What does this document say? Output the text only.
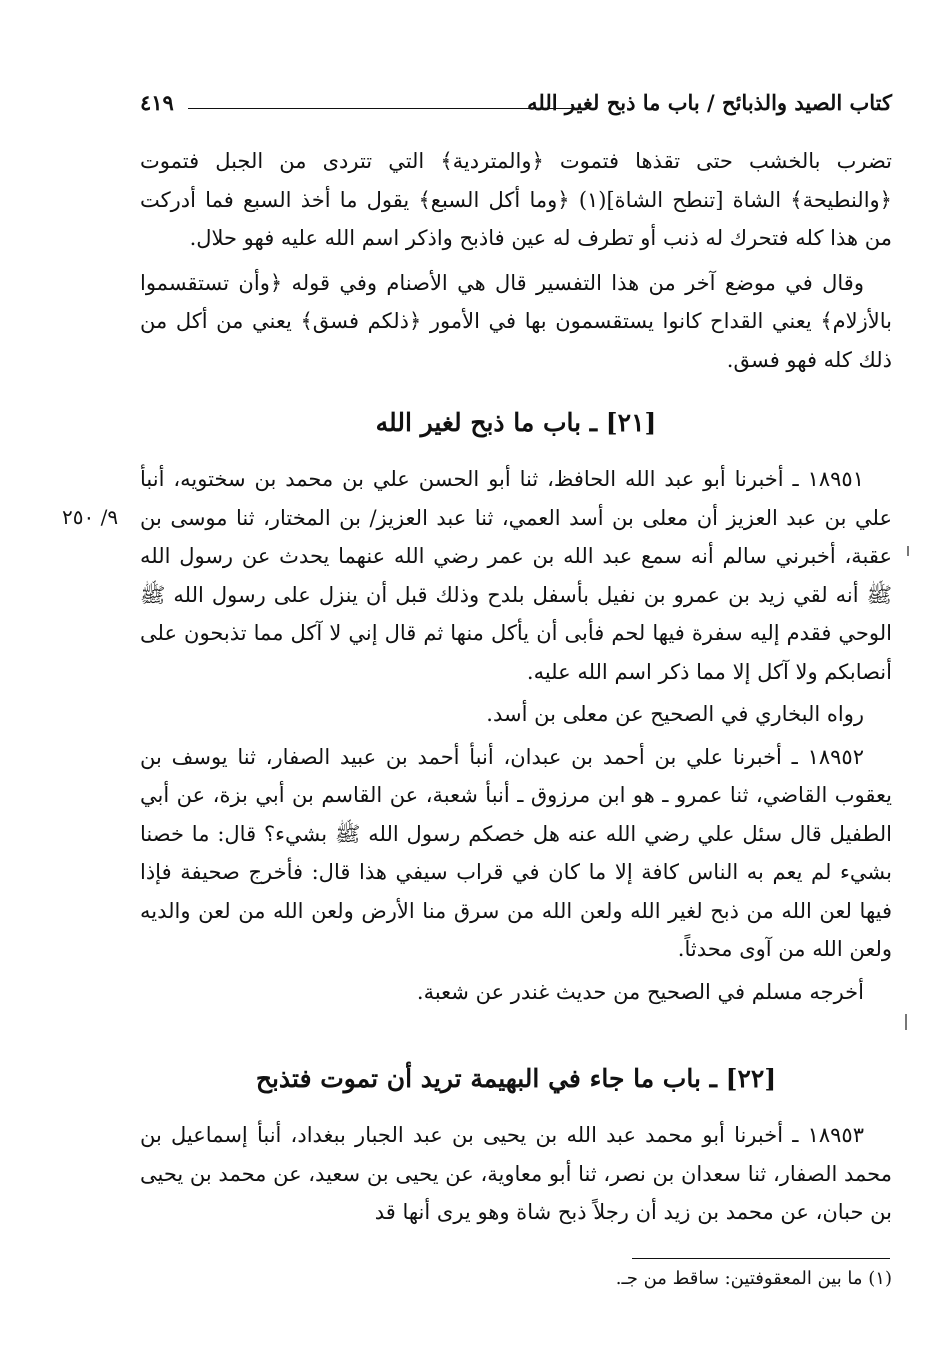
كتاب الصيد والذبائح / باب ما ذبح لغير الله
٤١٩

تضرب بالخشب حتى تقذها فتموت ﴿والمتردية﴾ التي تتردى من الجبل فتموت ﴿والنطيحة﴾ الشاة [تنطح الشاة](١) ﴿وما أكل السبع﴾ يقول ما أخذ السبع فما أدركت من هذا كله فتحرك له ذنب أو تطرف له عين فاذبح واذكر اسم الله عليه فهو حلال.

وقال في موضع آخر من هذا التفسير قال هي الأصنام وفي قوله ﴿وأن تستقسموا بالأزلام﴾ يعني القداح كانوا يستقسمون بها في الأمور ﴿ذلكم فسق﴾ يعني من أكل من ذلك كله فهو فسق.

[٢١] ـ باب ما ذبح لغير الله

١٨٩٥١ ـ أخبرنا أبو عبد الله الحافظ، ثنا أبو الحسن علي بن محمد بن سختويه، أنبأ علي بن عبد العزيز أن معلى بن أسد العمي، ثنا عبد العزيز/ بن المختار، ثنا موسى بن عقبة، أخبرني سالم أنه سمع عبد الله بن عمر رضي الله عنهما يحدث عن رسول الله ﷺ أنه لقي زيد بن عمرو بن نفيل بأسفل بلدح وذلك قبل أن ينزل على رسول الله ﷺ الوحي فقدم إليه سفرة فيها لحم فأبى أن يأكل منها ثم قال إني لا آكل مما تذبحون على أنصابكم ولا آكل إلا مما ذكر اسم الله عليه.

رواه البخاري في الصحيح عن معلى بن أسد.

١٨٩٥٢ ـ أخبرنا علي بن أحمد بن عبدان، أنبأ أحمد بن عبيد الصفار، ثنا يوسف بن يعقوب القاضي، ثنا عمرو ـ هو ابن مرزوق ـ أنبأ شعبة، عن القاسم بن أبي بزة، عن أبي الطفيل قال سئل علي رضي الله عنه هل خصكم رسول الله ﷺ بشيء؟ قال: ما خصنا بشيء لم يعم به الناس كافة إلا ما كان في قراب سيفي هذا قال: فأخرج صحيفة فإذا فيها لعن الله من ذبح لغير الله ولعن الله من سرق منا الأرض ولعن الله من لعن والديه ولعن الله من آوى محدثاً.

أخرجه مسلم في الصحيح من حديث غندر عن شعبة.

[٢٢] ـ باب ما جاء في البهيمة تريد أن تموت فتذبح

١٨٩٥٣ ـ أخبرنا أبو محمد عبد الله بن يحيى بن عبد الجبار ببغداد، أنبأ إسماعيل بن محمد الصفار، ثنا سعدان بن نصر، ثنا أبو معاوية، عن يحيى بن سعيد، عن محمد بن يحيى بن حبان، عن محمد بن زيد أن رجلاً ذبح شاة وهو يرى أنها قد

٩/ ٢٥٠
(١) ما بين المعقوفتين: ساقط من جـ.
